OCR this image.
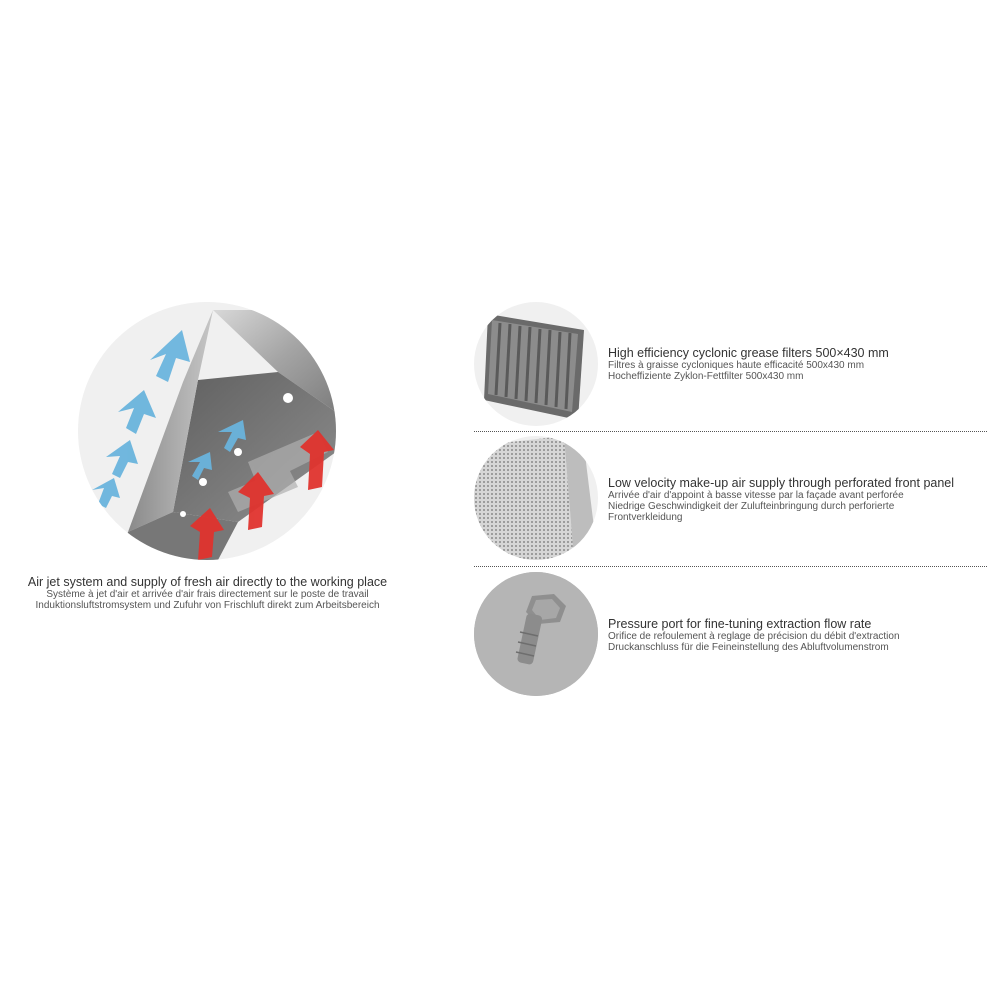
Air jet system and supply of fresh air directly to the working place
Système à jet d'air et arrivée d'air frais directement sur le poste de travail
Induktionsluftstromsystem und Zufuhr von Frischluft direkt zum Arbeitsbereich
High efficiency cyclonic grease filters 500×430 mm
Filtres à graisse cycloniques haute efficacité 500x430 mm
Hocheffiziente Zyklon-Fettfilter 500x430 mm
Low velocity make-up air supply through perforated front panel
Arrivée d'air d'appoint à basse vitesse par la façade avant perforée
Niedrige Geschwindigkeit der Zulufteinbringung durch perforierte
Frontverkleidung
Pressure port for fine-tuning extraction flow rate
Orifice de refoulement à reglage de précision du débit d'extraction
Druckanschluss für die Feineinstellung des Abluftvolumenstrom
